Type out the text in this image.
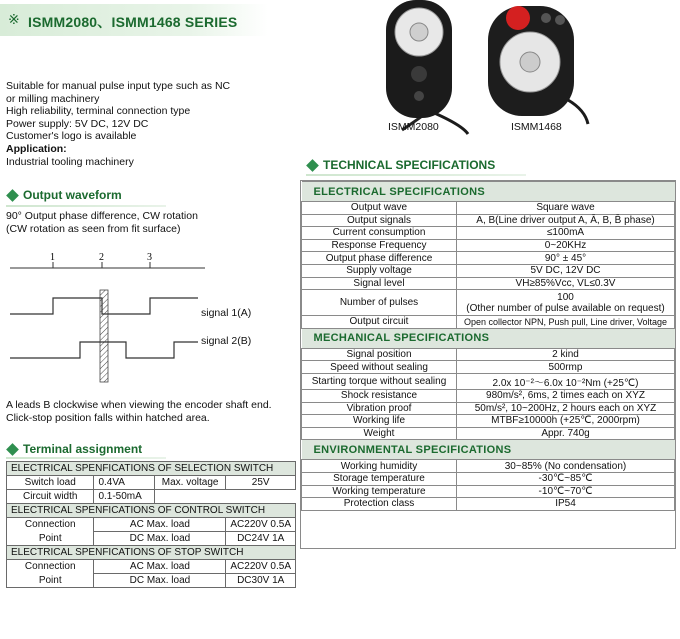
※ ISMM2080、ISMM1468 SERIES
ISMM2080	ISMM1468
Suitable for manual pulse input type such as NC
or milling machinery
High reliability, terminal connection type
Power supply: 5V DC, 12V DC
Customer's logo is available
Application:
Industrial tooling machinery
Output waveform
90° Output phase difference, CW rotation
(CW rotation as seen from fit surface)
1	2	3
signal 1(A)
signal 2(B)
A leads B clockwise when viewing the encoder shaft end.
Click-stop position falls within hatched area.
Terminal assignment
ELECTRICAL SPENFICATIONS OF SELECTION SWITCH			
Switch load	0.4VA	Max. voltage	25V
Circuit width	0.1-50mA		
ELECTRICAL SPENFICATIONS OF CONTROL SWITCH			
Connection	AC Max. load		AC220V 0.5A
Point	DC Max. load		DC24V 1A
ELECTRICAL SPENFICATIONS OF STOP SWITCH			
Connection	AC Max. load		AC220V 0.5A
Point	DC Max. load		DC30V 1A
TECHNICAL SPECIFICATIONS
ELECTRICAL SPECIFICATIONS	
Output wave	Square wave
Output signals	A, B(Line driver output A, Ā, B, B̄ phase)
Current consumption	≤100mA
Response Frequency	0~20KHz
Output phase difference	90° ± 45°
Supply voltage	5V DC, 12V DC
Signal level	VH≥85%Vcc, VL≤0.3V
Number of pulses	100
(Other number of pulse available on request)

Output circuit	Open collector NPN, Push pull, Line driver, Voltage
MECHANICAL SPECIFICATIONS	
Signal position	2 kind
Speed without sealing	500rmp
Starting torque without sealing	2.0x 10⁻²～6.0x 10⁻²Nm (+25℃)
Shock resistance	980m/s², 6ms, 2 times each on XYZ
Vibration proof	50m/s², 10~200Hz, 2 hours each on XYZ
Working life	MTBF≥10000h (+25℃, 2000rpm)
Weight	Appr. 740g
ENVIRONMENTAL SPECIFICATIONS	
Working humidity	30~85% (No condensation)
Storage temperature	-30℃~85℃
Working temperature	-10℃~70℃
Protection class	IP54
